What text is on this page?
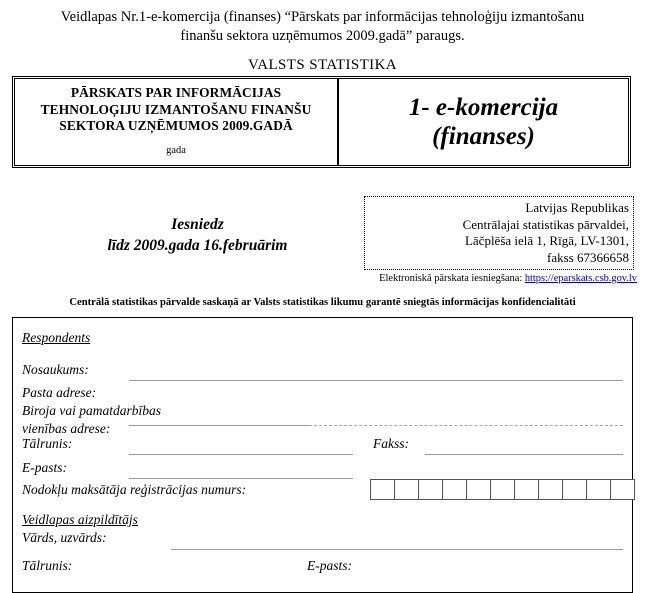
Veidlapas Nr.1-e-komercija (finanses) “Pārskats par informācijas tehnoloģiju izmantošanu finanšu sektora uzņēmumos 2009.gadā” paraugs.
VALSTS STATISTIKA
PĀRSKATS PAR INFORMĀCIJAS TEHNOLOĢIJU IZMANTOŠANU FINANŠU SEKTORA UZŅĒMUMOS 2009.GADĀ
gada
1- e-komercija
(finanses)
Iesniedz
līdz 2009.gada 16.februārim
Latvijas Republikas
Centrālajai statistikas pārvaldei,
Lāčplēša ielā 1, Rīgā, LV-1301,
fakss 67366658
Elektroniskā pārskata iesniegšana: https://eparskats.csb.gov.lv
Centrālā statistikas pārvalde saskaņā ar Valsts statistikas likumu garantē sniegtās informācijas konfidencialitāti
Respondents
Nosaukums:
Pasta adrese:
Biroja vai pamatdarbības
vienības adrese:
Tālrunis:	Fakss:
E-pasts:
Nodokļu maksātāja reģistrācijas numurs:
Veidlapas aizpildītājs
Vārds, uzvārds:
Tālrunis:	E-pasts:
